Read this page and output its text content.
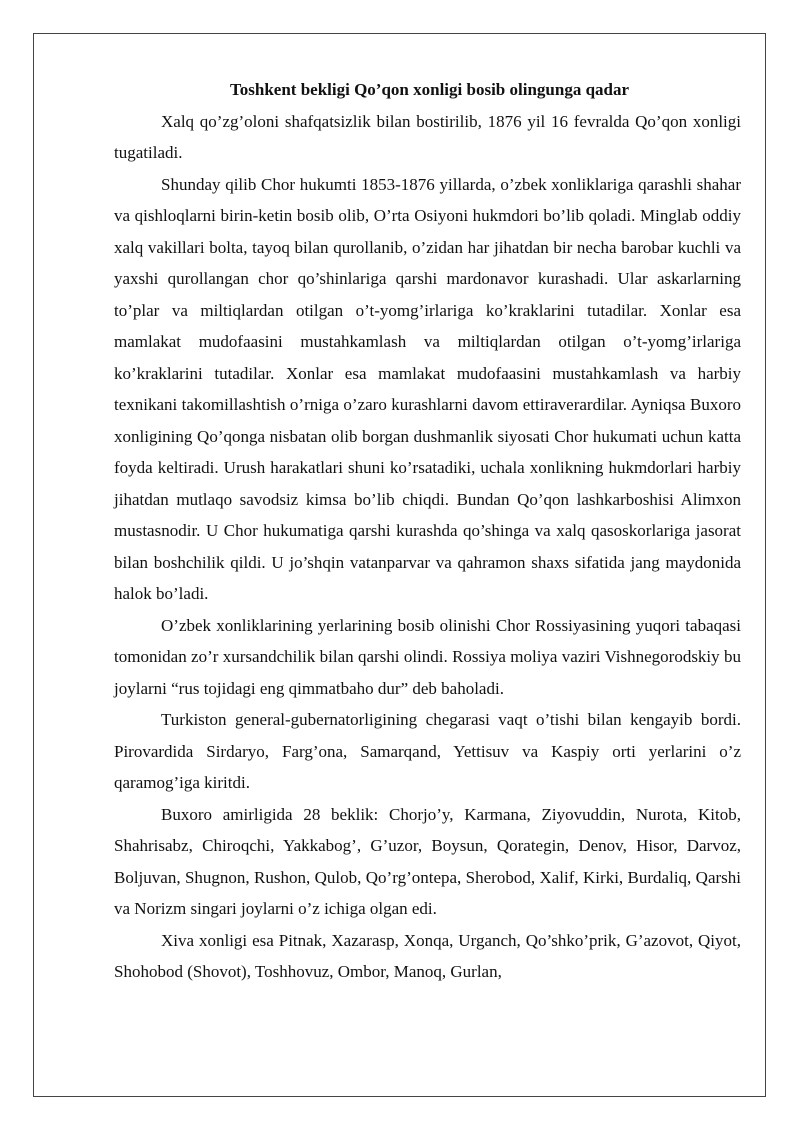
Toshkent bekligi Qo’qon xonligi bosib olingunga qadar

Xalq qo’zg’oloni shafqatsizlik bilan bostirilib, 1876 yil 16 fevralda Qo’qon xonligi tugatiladi.

Shunday qilib Chor hukumti 1853-1876 yillarda, o’zbek xonliklariga qarashli shahar va qishloqlarni birin-ketin bosib olib, O’rta Osiyoni hukmdori bo’lib qoladi. Minglab oddiy xalq vakillari bolta, tayoq bilan qurollanib, o’zidan har jihatdan bir necha barobar kuchli va yaxshi qurollangan chor qo’shinlariga qarshi mardonavor kurashadi. Ular askarlarning to’plar va miltiqlardan otilgan o’t-yomg’irlariga ko’kraklarini tutadilar. Xonlar esa mamlakat mudofaasini mustahkamlash va miltiqlardan otilgan o’t-yomg’irlariga ko’kraklarini tutadilar. Xonlar esa mamlakat mudofaasini mustahkamlash va harbiy texnikani takomillashtish o’rniga o’zaro kurashlarni davom ettiraverardilar. Ayniqsa Buxoro xonligining Qo’qonga nisbatan olib borgan dushmanlik siyosati Chor hukumati uchun katta foyda keltiradi. Urush harakatlari shuni ko’rsatadiki, uchala xonlikning hukmdorlari harbiy jihatdan mutlaqo savodsiz kimsa bo’lib chiqdi. Bundan Qo’qon lashkarboshisi Alimxon mustasnodir. U Chor hukumatiga qarshi kurashda qo’shinga va xalq qasoskorlariga jasorat bilan boshchilik qildi. U jo’shqin vatanparvar va qahramon shaxs sifatida jang maydonida halok bo’ladi.

O’zbek xonliklarining yerlarining bosib olinishi Chor Rossiyasining yuqori tabaqasi tomonidan zo’r xursandchilik bilan qarshi olindi. Rossiya moliya vaziri Vishnegorodskiy bu joylarni “rus tojidagi eng qimmatbaho dur” deb baholadi.

Turkiston general-gubernatorligining chegarasi vaqt o’tishi bilan kengayib bordi. Pirovardida Sirdaryo, Farg’ona, Samarqand, Yettisuv va Kaspiy orti yerlarini o’z qaramog’iga kiritdi.

Buxoro amirligida 28 beklik: Chorjo’y, Karmana, Ziyovuddin, Nurota, Kitob, Shahrisabz, Chiroqchi, Yakkabog’, G’uzor, Boysun, Qorategin, Denov, Hisor, Darvoz, Boljuvan, Shugnon, Rushon, Qulob, Qo’rg’ontepa, Sherobod, Xalif, Kirki, Burdaliq, Qarshi va Norizm singari joylarni o’z ichiga olgan edi.

Xiva xonligi esa Pitnak, Xazarasp, Xonqa, Urganch, Qo’shko’prik, G’azovot, Qiyot, Shohobod (Shovot), Toshhovuz, Ombor, Manoq, Gurlan,
